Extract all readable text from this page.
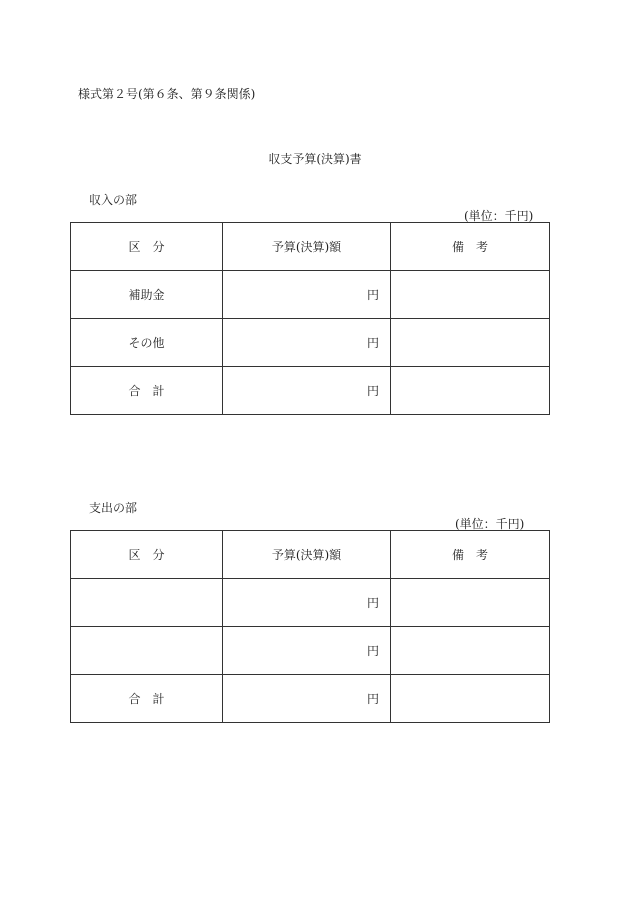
様式第２号(第６条、第９条関係)
収支予算(決算)書
収入の部
(単位：千円)
区　分	予算(決算)額	備　考
補助金	円	
その他	円	
合　計	円	
支出の部
(単位：千円)
区　分	予算(決算)額	備　考
	円	
	円	
合　計	円	
